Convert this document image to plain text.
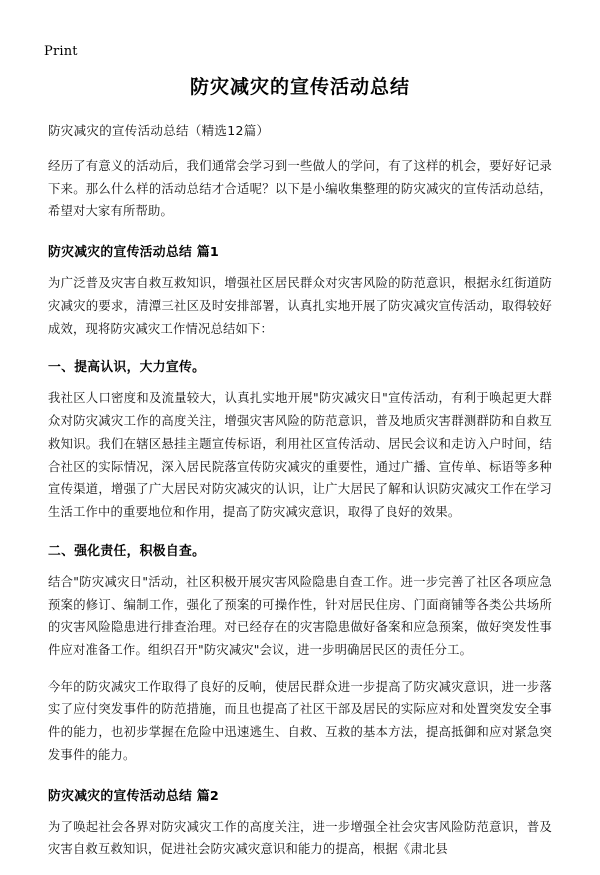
Print
防灾减灾的宣传活动总结

防灾减灾的宣传活动总结（精选12篇）

经历了有意义的活动后，我们通常会学习到一些做人的学问，有了这样的机会，要好好记录下来。那么什么样的活动总结才合适呢？以下是小编收集整理的防灾减灾的宣传活动总结，希望对大家有所帮助。

防灾减灾的宣传活动总结 篇1

为广泛普及灾害自救互救知识，增强社区居民群众对灾害风险的防范意识，根据永红街道防灾减灾的要求，清潭三社区及时安排部署，认真扎实地开展了防灾减灾宣传活动，取得较好成效，现将防灾减灾工作情况总结如下：

一、提高认识，大力宣传。

我社区人口密度和及流量较大，认真扎实地开展"防灾减灾日"宣传活动，有利于唤起更大群众对防灾减灾工作的高度关注，增强灾害风险的防范意识，普及地质灾害群测群防和自救互救知识。我们在辖区悬挂主题宣传标语，利用社区宣传活动、居民会议和走访入户时间，结合社区的实际情况，深入居民院落宣传防灾减灾的重要性，通过广播、宣传单、标语等多种宣传渠道，增强了广大居民对防灾减灾的认识，让广大居民了解和认识防灾减灾工作在学习生活工作中的重要地位和作用，提高了防灾减灾意识，取得了良好的效果。

二、强化责任，积极自查。

结合"防灾减灾日"活动，社区积极开展灾害风险隐患自查工作。进一步完善了社区各项应急预案的修订、编制工作，强化了预案的可操作性，针对居民住房、门面商铺等各类公共场所的灾害风险隐患进行排查治理。对已经存在的灾害隐患做好备案和应急预案，做好突发性事件应对准备工作。组织召开"防灾减灾"会议，进一步明确居民区的责任分工。

今年的防灾减灾工作取得了良好的反响，使居民群众进一步提高了防灾减灾意识，进一步落实了应付突发事件的防范措施，而且也提高了社区干部及居民的实际应对和处置突发安全事件的能力，也初步掌握在危险中迅速逃生、自救、互救的基本方法，提高抵御和应对紧急突发事件的能力。

防灾减灾的宣传活动总结 篇2

为了唤起社会各界对防灾减灾工作的高度关注，进一步增强全社会灾害风险防范意识，普及灾害自救互救知识，促进社会防灾减灾意识和能力的提高，根据《肃北县
